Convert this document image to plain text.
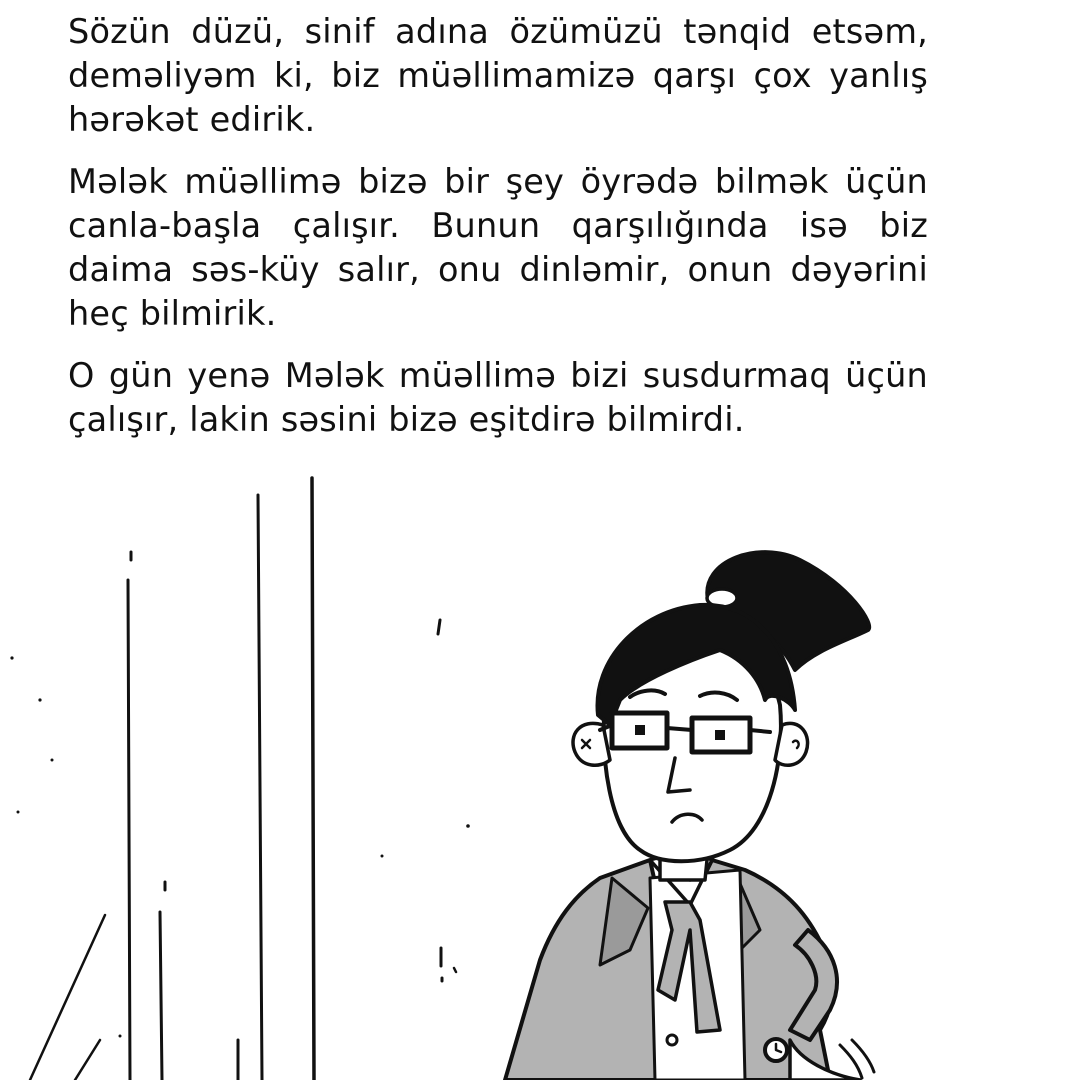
Sözün düzü, sinif adına özümüzü tənqid etsəm, deməliyəm ki, biz müəllimamizə qarşı çox yanlış hərəkət edirik.

Mələk müəllimə bizə bir şey öyrədə bilmək üçün canla-başla çalışır. Bunun qarşılığında isə biz daima səs-küy salır, onu dinləmir, onun dəyərini heç bilmirik.

O gün yenə Mələk müəllimə bizi susdurmaq üçün çalışır, lakin səsini bizə eşitdirə bilmirdi.
